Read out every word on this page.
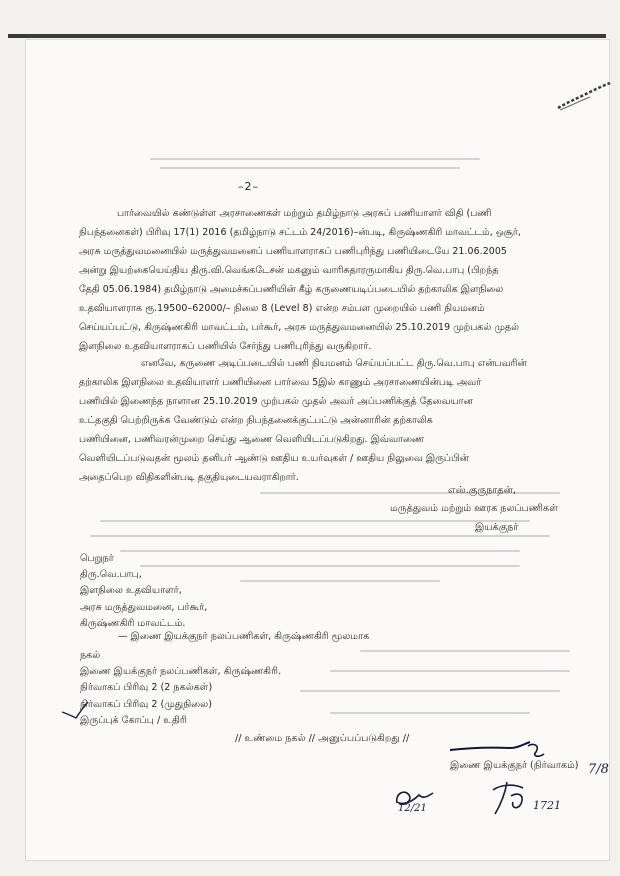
–2–
பார்வையில் கண்டுள்ள அரசாணைகள் மற்றும் தமிழ்நாடு அரசுப் பணியாளர் விதி (பணி
நிபந்தனைகள்) பிரிவு 17(1) 2016 (தமிழ்நாடு சட்டம் 24/2016)–ன்படி, கிருஷ்ணகிரி மாவட்டம், ஒசூர்,
அரசு மருத்துவமனையில் மருத்துவமனைப் பணியாளராகப் பணிபுரிந்து பணியிடையே 21.06.2005
அன்று இயற்கையெய்திய திரு.வி.வெங்கடேசன் மகனும் வாரிசுதாரருமாகிய திரு.வெ.பாபு (பிறந்த
தேதி 05.06.1984) தமிழ்நாடு அமைச்சுப்பணியின் கீழ் கருணையடிப்படையில் தற்காலிக இளநிலை
உதவியாளராக ரூ.19500–62000/– நிலை 8 (Level 8) என்ற சம்பள முறையில் பணி நியமனம்
செய்யப்பட்டு, கிருஷ்ணகிரி மாவட்டம், பர்கூர், அரசு மருத்துவமனையில் 25.10.2019 முற்பகல் முதல்
இளநிலை உதவியாளராகப் பணியில் சேர்ந்து பணிபுரிந்து வருகிறார்.
எனவே, கருணை அடிப்படையில் பணி நியமனம் செய்யப்பட்ட திரு.வெ.பாபு என்பவரின்
தற்காலிக இளநிலை உதவியாளர் பணியினை பார்வை 5இல் காணும் அரசாணையின்படி அவர்
பணியில் இணைந்த நாளான 25.10.2019 முற்பகல் முதல் அவர் அப்பணிக்குத் தேவையான
உட்தகுதி பெற்றிருக்க வேண்டும் என்ற நிபந்தனைக்குட்பட்டு அன்னாரின் தற்காலிக
பணியினை, பணிவரன்முறை செய்து ஆணை வெளியிடப்படுகிறது. இவ்வாணை
வெளியிடப்படுவதன் மூலம் தனிபர் ஆண்டு ஊதிய உயர்வுகள் / ஊதிய நிலுவை இருப்பின்
அதைப்பெற விதிகளின்படி தகுதியுடையவராகிறார்.
எஸ்.குருநாதன்,
மருத்துவம் மற்றும் ஊரக நலப்பணிகள்
இயக்குநர்
பெறுநர்
திரு.வெ.பாபு,
இளநிலை உதவியாளர்,
அரசு மருத்துவமனை, பர்கூர்,
கிருஷ்ணகிரி மாவட்டம்.
— இணை இயக்குநர் நலப்பணிகள், கிருஷ்ணகிரி மூலமாக
நகல்
இணை இயக்குநர் நலப்பணிகள், கிருஷ்ணகிரி.
நிர்வாகப் பிரிவு 2 (2 நகல்கள்)
நிர்வாகப் பிரிவு 2 (முதுநிலை)
இருப்புக் கோப்பு / உதிரி
// உண்மை நகல் // அனுப்பப்படுகிறது //
இணை இயக்குநர் (நிர்வாகம்) 7/8
12/21	1721
